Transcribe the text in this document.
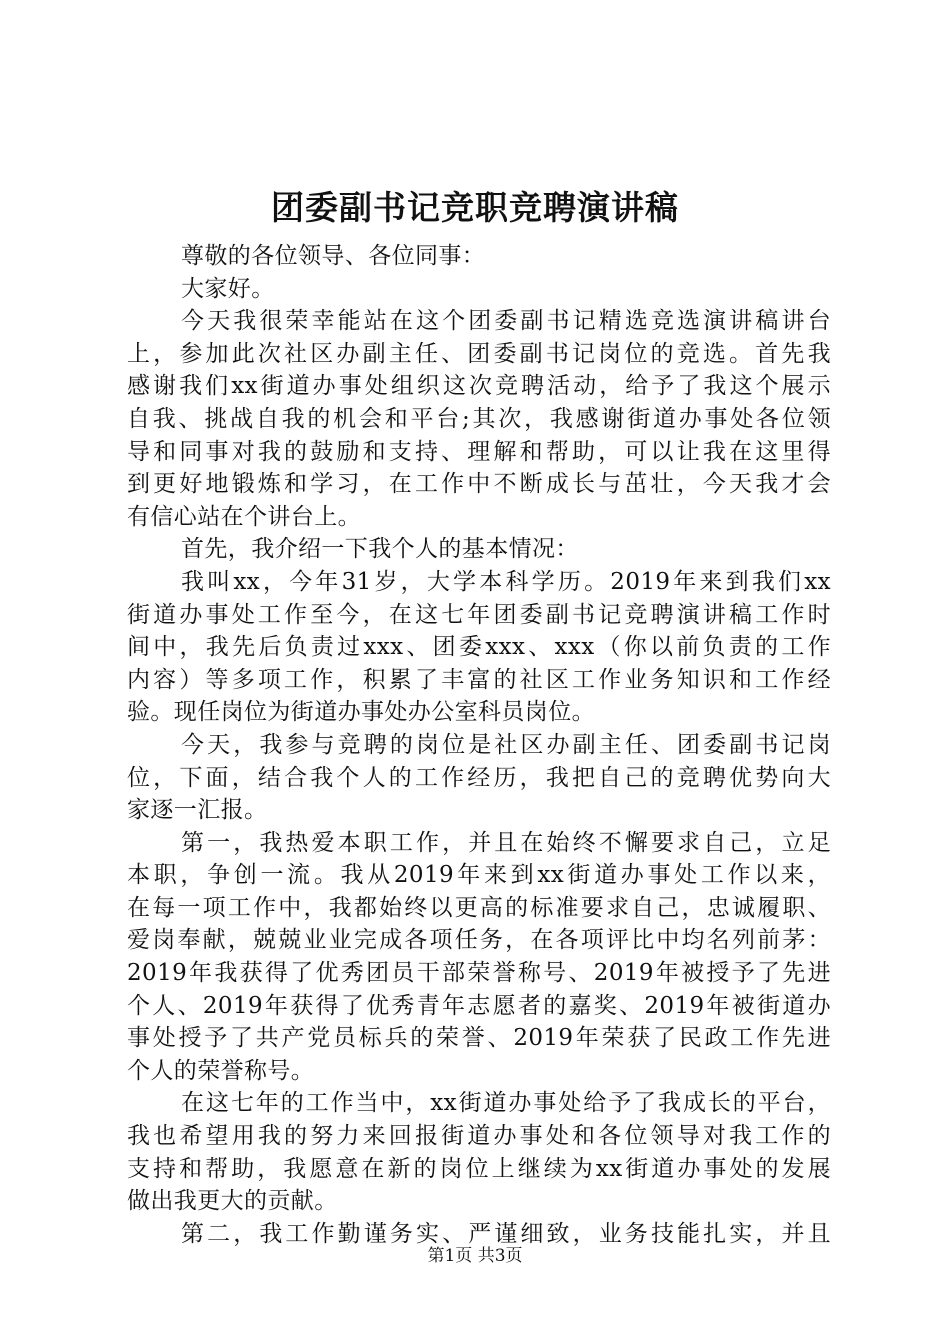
团委副书记竞职竞聘演讲稿
尊敬的各位领导、各位同事：
大家好。
今天我很荣幸能站在这个团委副书记精选竞选演讲稿讲台
上，参加此次社区办副主任、团委副书记岗位的竞选。首先我
感谢我们xx街道办事处组织这次竞聘活动，给予了我这个展示
自我、挑战自我的机会和平台;其次，我感谢街道办事处各位领
导和同事对我的鼓励和支持、理解和帮助，可以让我在这里得
到更好地锻炼和学习，在工作中不断成长与茁壮，今天我才会
有信心站在个讲台上。
首先，我介绍一下我个人的基本情况：
我叫xx，今年31岁，大学本科学历。2019年来到我们xx
街道办事处工作至今，在这七年团委副书记竞聘演讲稿工作时
间中，我先后负责过xxx、团委xxx、xxx（你以前负责的工作
内容）等多项工作，积累了丰富的社区工作业务知识和工作经
验。现任岗位为街道办事处办公室科员岗位。
今天，我参与竞聘的岗位是社区办副主任、团委副书记岗
位，下面，结合我个人的工作经历，我把自己的竞聘优势向大
家逐一汇报。
第一，我热爱本职工作，并且在始终不懈要求自己，立足
本职，争创一流。我从2019年来到xx街道办事处工作以来，
在每一项工作中，我都始终以更高的标准要求自己，忠诚履职、
爱岗奉献，兢兢业业完成各项任务，在各项评比中均名列前茅：
2019年我获得了优秀团员干部荣誉称号、2019年被授予了先进
个人、2019年获得了优秀青年志愿者的嘉奖、2019年被街道办
事处授予了共产党员标兵的荣誉、2019年荣获了民政工作先进
个人的荣誉称号。
在这七年的工作当中，xx街道办事处给予了我成长的平台，
我也希望用我的努力来回报街道办事处和各位领导对我工作的
支持和帮助，我愿意在新的岗位上继续为xx街道办事处的发展
做出我更大的贡献。
第二，我工作勤谨务实、严谨细致，业务技能扎实，并且
第1页 共3页
